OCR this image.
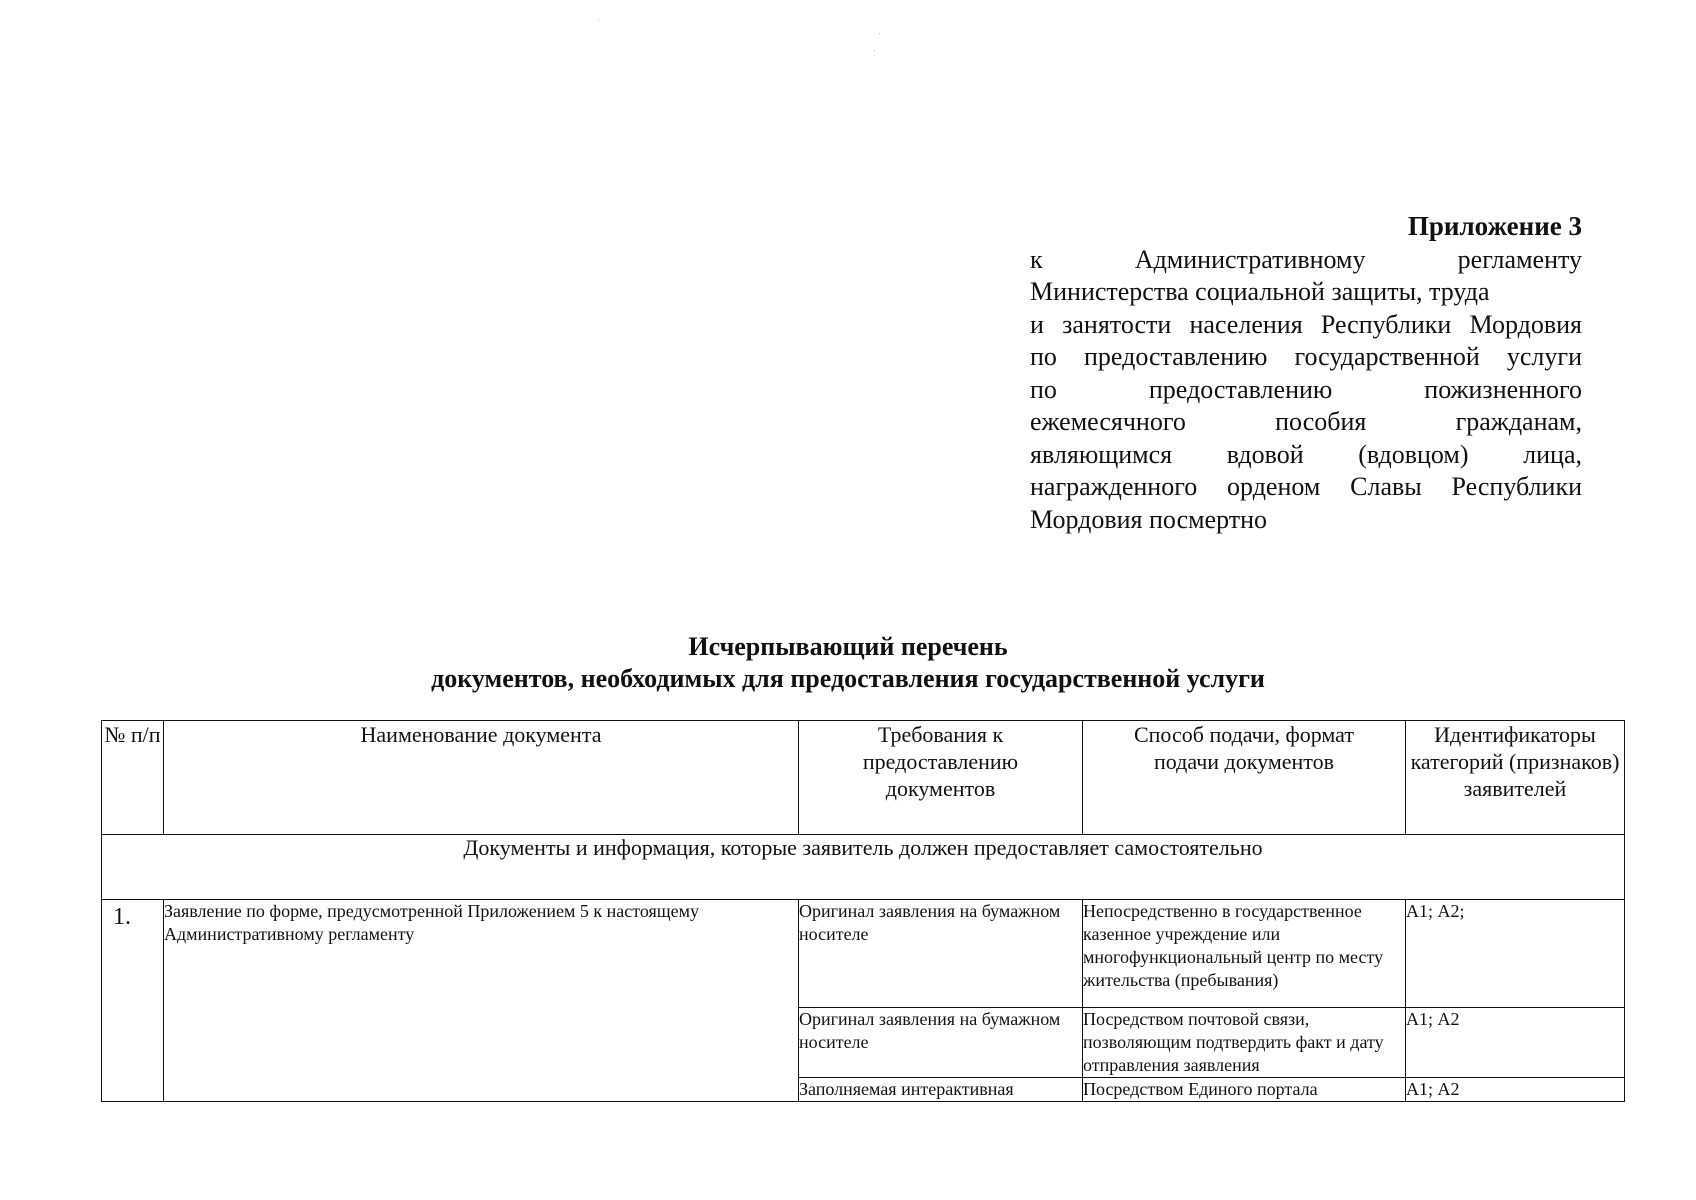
Приложение 3
к Административному регламенту
Министерства социальной защиты, труда
и занятости населения Республики Мордовия
по предоставлению государственной услуги
по предоставлению пожизненного
ежемесячного пособия гражданам,
являющимся вдовой (вдовцом) лица,
награжденного орденом Славы Республики
Мордовия посмертно
Исчерпывающий перечень
документов, необходимых для предоставления государственной услуги
№ п/п	Наименование документа	Требования к предоставлению документов	Способ подачи, формат подачи документов	Идентификаторы категорий (признаков) заявителей
Документы и информация, которые заявитель должен предоставляет самостоятельно				
1.	Заявление по форме, предусмотренной Приложением 5 к настоящему Административному регламенту	Оригинал заявления на бумажном носителе	Непосредственно в государственное казенное учреждение или многофункциональный центр по месту жительства (пребывания)	А1; А2;
		Оригинал заявления на бумажном носителе	Посредством почтовой связи, позволяющим подтвердить факт и дату отправления заявления	А1; А2
		Заполняемая интерактивная	Посредством Единого портала	А1; А2
